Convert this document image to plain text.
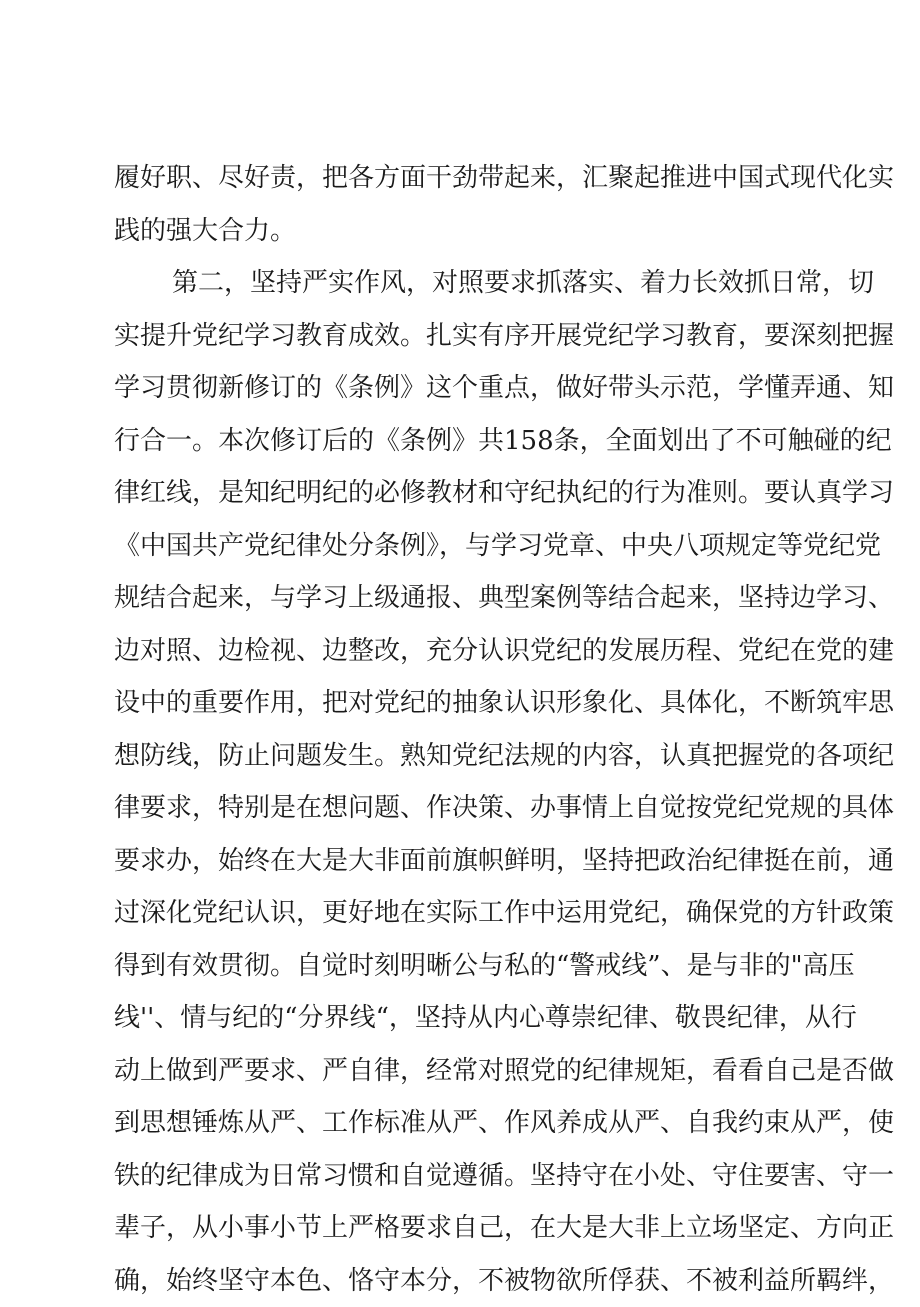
履好职、尽好责，把各方面干劲带起来，汇聚起推进中国式现代化实
践的强大合力。
第二，坚持严实作风，对照要求抓落实、着力长效抓日常，切
实提升党纪学习教育成效。扎实有序开展党纪学习教育，要深刻把握
学习贯彻新修订的《条例》这个重点，做好带头示范，学懂弄通、知
行合一。本次修订后的《条例》共158条，全面划出了不可触碰的纪
律红线，是知纪明纪的必修教材和守纪执纪的行为准则。要认真学习
《中国共产党纪律处分条例》，与学习党章、中央八项规定等党纪党
规结合起来，与学习上级通报、典型案例等结合起来，坚持边学习、
边对照、边检视、边整改，充分认识党纪的发展历程、党纪在党的建
设中的重要作用，把对党纪的抽象认识形象化、具体化，不断筑牢思
想防线，防止问题发生。熟知党纪法规的内容，认真把握党的各项纪
律要求，特别是在想问题、作决策、办事情上自觉按党纪党规的具体
要求办，始终在大是大非面前旗帜鲜明，坚持把政治纪律挺在前，通
过深化党纪认识，更好地在实际工作中运用党纪，确保党的方针政策
得到有效贯彻。自觉时刻明晰公与私的“警戒线”、是与非的"高压
线''、情与纪的“分界线“，坚持从内心尊崇纪律、敬畏纪律，从行
动上做到严要求、严自律，经常对照党的纪律规矩，看看自己是否做
到思想锤炼从严、工作标准从严、作风养成从严、自我约束从严，使
铁的纪律成为日常习惯和自觉遵循。坚持守在小处、守住要害、守一
辈子，从小事小节上严格要求自己，在大是大非上立场坚定、方向正
确，始终坚守本色、恪守本分，不被物欲所俘获、不被利益所羁绊，
